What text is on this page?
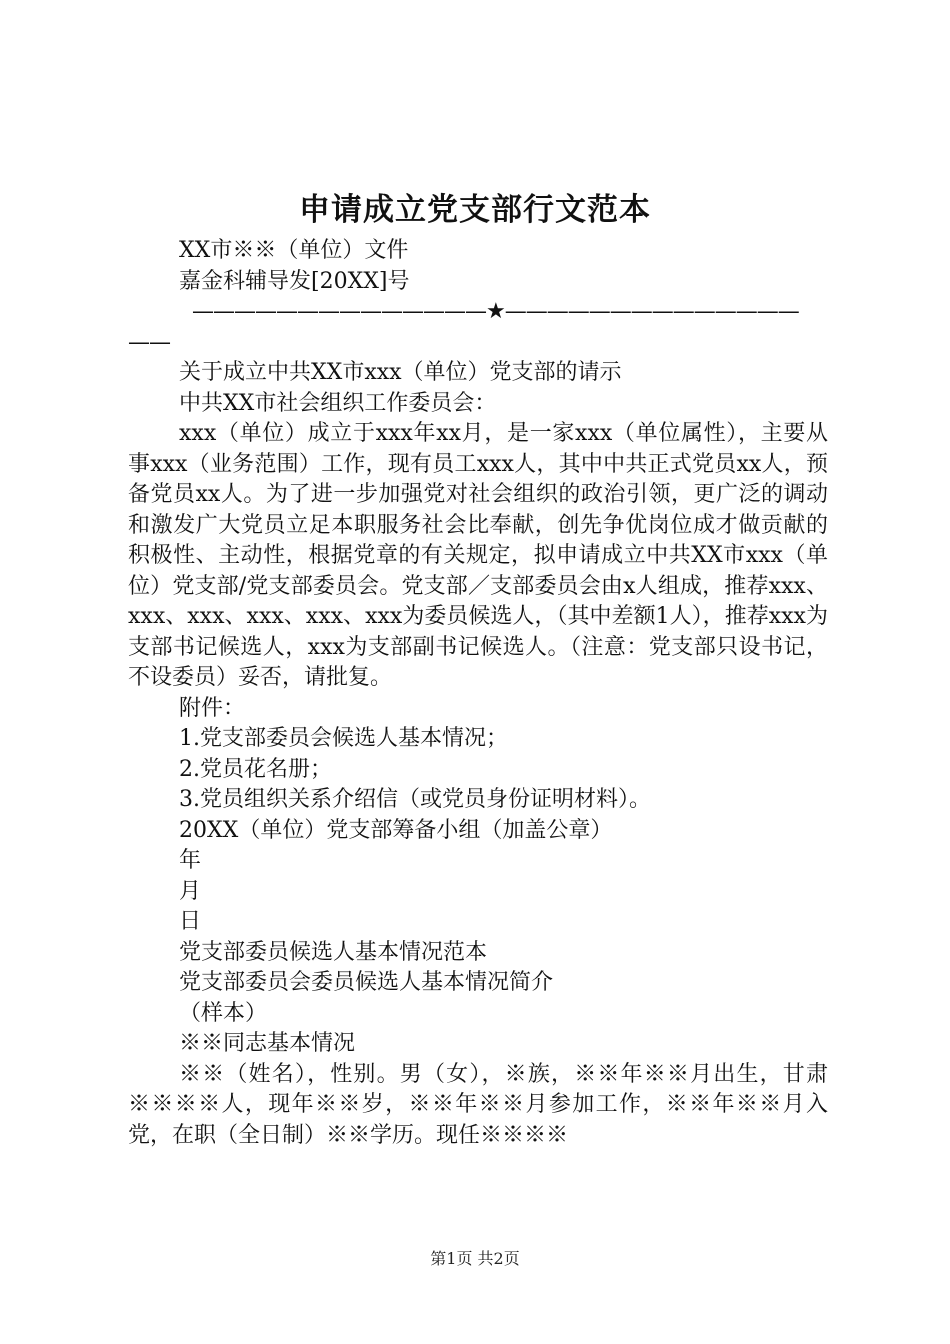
申请成立党支部行文范本

XX市※※（单位）文件

嘉金科辅导发[20XX]号

——————————————★——————————————

——

关于成立中共XX市xxx（单位）党支部的请示

中共XX市社会组织工作委员会：

xxx（单位）成立于xxx年xx月，是一家xxx（单位属性），主要从事xxx（业务范围）工作，现有员工xxx人，其中中共正式党员xx人，预备党员xx人。为了进一步加强党对社会组织的政治引领，更广泛的调动和激发广大党员立足本职服务社会比奉献，创先争优岗位成才做贡献的积极性、主动性，根据党章的有关规定，拟申请成立中共XX市xxx（单位）党支部/党支部委员会。党支部／支部委员会由x人组成，推荐xxx、xxx、xxx、xxx、xxx、xxx为委员候选人，（其中差额1人），推荐xxx为支部书记候选人，xxx为支部副书记候选人。（注意：党支部只设书记，不设委员）妥否，请批复。

附件：

1.党支部委员会候选人基本情况；

2.党员花名册；

3.党员组织关系介绍信（或党员身份证明材料）。

20XX（单位）党支部筹备小组（加盖公章）

年

月

日

党支部委员候选人基本情况范本

党支部委员会委员候选人基本情况简介

（样本）

※※同志基本情况

※※（姓名），性别。男（女），※族，※※年※※月出生，甘肃※※※※人，现年※※岁，※※年※※月参加工作，※※年※※月入党，在职（全日制）※※学历。现任※※※※

第1页 共2页
